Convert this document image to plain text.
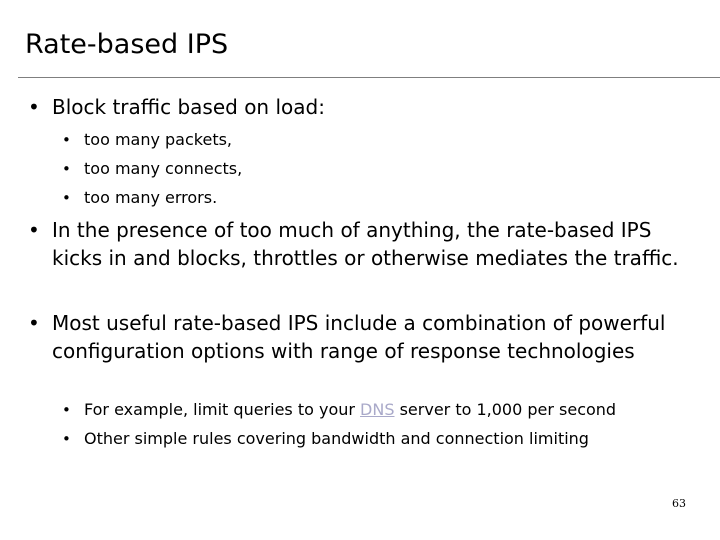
Rate-based IPS
• Block traffic based on load:
• too many packets,
• too many connects,
• too many errors.
• In the presence of too much of anything, the rate-based IPS kicks in and blocks, throttles or otherwise mediates the traffic.
• Most useful rate-based IPS include a combination of powerful configuration options with range of response technologies
• For example, limit queries to your DNS server to 1,000 per second
• Other simple rules covering bandwidth and connection limiting
63
